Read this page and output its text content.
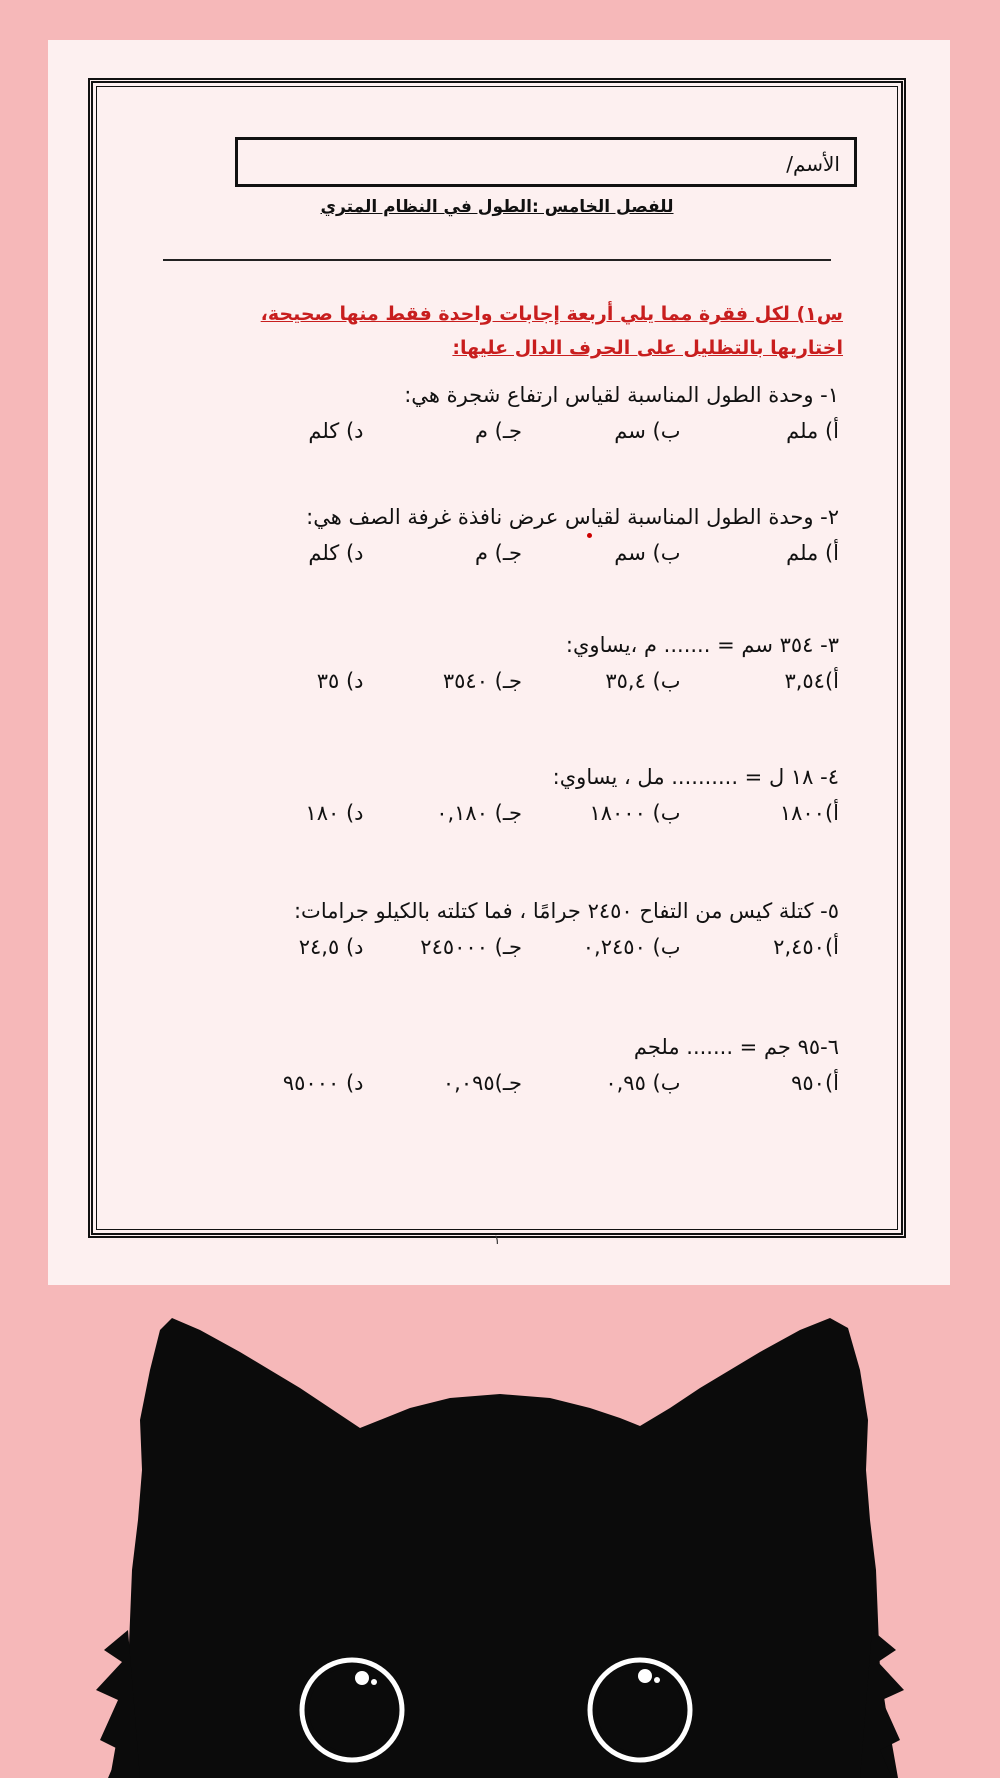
الأسم/
للفصل الخامس :الطول في النظام المتري
س١) لكل فقرة مما يلي أربعة إجابات واحدة فقط منها صحيحة، اختاريها بالتظليل على الحرف الدال عليها:
١- وحدة الطول المناسبة لقياس ارتفاع شجرة هي:
أ) ملم
ب) سم
جـ) م
د) كلم
٢- وحدة الطول المناسبة لقياس عرض نافذة غرفة الصف هي:
أ) ملم
ب) سم
جـ) م
د) كلم
٣- ٣٥٤ سم = ....... م ،يساوي:
أ)٣,٥٤
ب) ٣٥,٤
جـ) ٣٥٤٠
د) ٣٥
٤- ١٨ ل = .......... مل ، يساوي:
أ)١٨٠٠
ب) ١٨٠٠٠
جـ) ٠,١٨٠
د) ١٨٠
٥- كتلة كيس من التفاح ٢٤٥٠ جرامًا ، فما كتلته بالكيلو جرامات:
أ)٢,٤٥٠
ب) ٠,٢٤٥٠
جـ) ٢٤٥٠٠٠
د) ٢٤,٥
٦-٩٥ جم = ....... ملجم
أ)٩٥٠
ب) ٠,٩٥
جـ)٠,٠٩٥
د) ٩٥٠٠٠
١
